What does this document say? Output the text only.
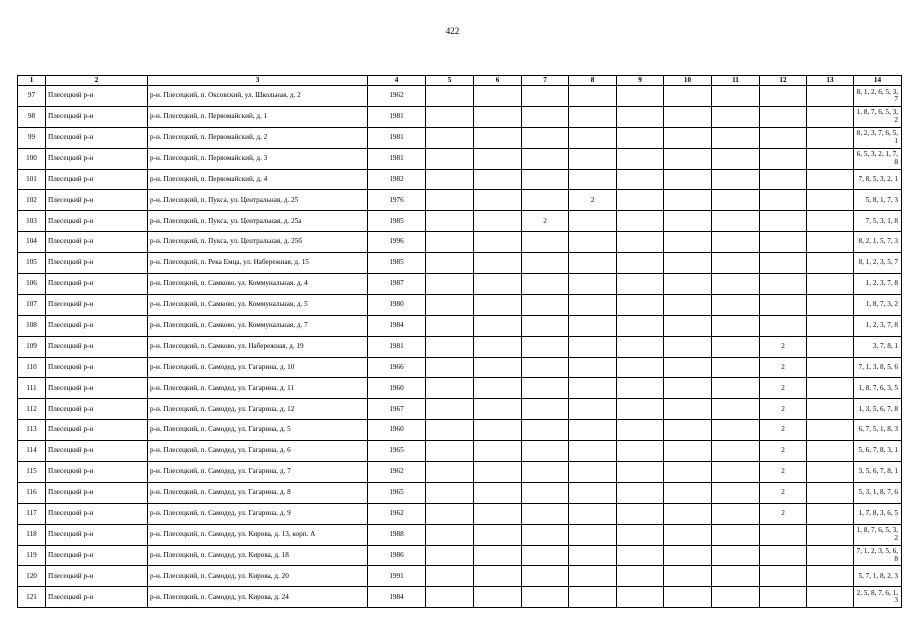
422
1	2	3	4	5	6	7	8	9	10	11	12	13	14
97	Плесецкий р-н	р-н. Плесецкий, п. Оксовский, ул. Школьная, д. 2	1962										8, 1, 2, 6, 5, 3, 7
98	Плесецкий р-н	р-н. Плесецкий, п. Первомайский, д. 1	1981										1, 8, 7, 6, 5, 3, 2
99	Плесецкий р-н	р-н. Плесецкий, п. Первомайский, д. 2	1981										8, 2, 3, 7, 6, 5, 1
100	Плесецкий р-н	р-н. Плесецкий, п. Первомайский, д. 3	1981										6, 5, 3, 2, 1, 7, 8
101	Плесецкий р-н	р-н. Плесецкий, п. Первомайский, д. 4	1982										7, 8, 5, 3, 2, 1
102	Плесецкий р-н	р-н. Плесецкий, п. Пукса, ул. Центральная, д. 25	1976				2						5, 8, 1, 7, 3
103	Плесецкий р-н	р-н. Плесецкий, п. Пукса, ул. Центральная, д. 25а	1985			2							7, 5, 3, 1, 8
104	Плесецкий р-н	р-н. Плесецкий, п. Пукса, ул. Центральная, д. 25б	1996										8, 2, 1, 5, 7, 3
105	Плесецкий р-н	р-н. Плесецкий, п. Река Емца, ул. Набережная, д. 15	1985										8, 1, 2, 3, 5, 7
106	Плесецкий р-н	р-н. Плесецкий, п. Самково, ул. Коммунальная, д. 4	1987										1, 2, 3, 7, 8
107	Плесецкий р-н	р-н. Плесецкий, п. Самково, ул. Коммунальная, д. 5	1980										1, 8, 7, 3, 2
108	Плесецкий р-н	р-н. Плесецкий, п. Самково, ул. Коммунальная, д. 7	1984										1, 2, 3, 7, 8
109	Плесецкий р-н	р-н. Плесецкий, п. Самково, ул. Набережная, д. 19	1981								2		3, 7, 8, 1
110	Плесецкий р-н	р-н. Плесецкий, п. Самодед, ул. Гагарина, д. 10	1966								2		7, 1, 3, 8, 5, 6
111	Плесецкий р-н	р-н. Плесецкий, п. Самодед, ул. Гагарина, д. 11	1960								2		1, 8, 7, 6, 3, 5
112	Плесецкий р-н	р-н. Плесецкий, п. Самодед, ул. Гагарина, д. 12	1967								2		1, 3, 5, 6, 7, 8
113	Плесецкий р-н	р-н. Плесецкий, п. Самодед, ул. Гагарина, д. 5	1960								2		6, 7, 5, 1, 8, 3
114	Плесецкий р-н	р-н. Плесецкий, п. Самодед, ул. Гагарина, д. 6	1965								2		5, 6, 7, 8, 3, 1
115	Плесецкий р-н	р-н. Плесецкий, п. Самодед, ул. Гагарина, д. 7	1962								2		3, 5, 6, 7, 8, 1
116	Плесецкий р-н	р-н. Плесецкий, п. Самодед, ул. Гагарина, д. 8	1965								2		5, 3, 1, 8, 7, 6
117	Плесецкий р-н	р-н. Плесецкий, п. Самодед, ул. Гагарина, д. 9	1962								2		1, 7, 8, 3, 6, 5
118	Плесецкий р-н	р-н. Плесецкий, п. Самодед, ул. Кирова, д. 13, корп. А	1988										1, 8, 7, 6, 5, 3, 2
119	Плесецкий р-н	р-н. Плесецкий, п. Самодед, ул. Кирова, д. 18	1986										7, 1, 2, 3, 5, 6, 8
120	Плесецкий р-н	р-н. Плесецкий, п. Самодед, ул. Кирова, д. 20	1991										5, 7, 1, 8, 2, 3
121	Плесецкий р-н	р-н. Плесецкий, п. Самодед, ул. Кирова, д. 24	1984										2, 5, 8, 7, 6, 1, 3
